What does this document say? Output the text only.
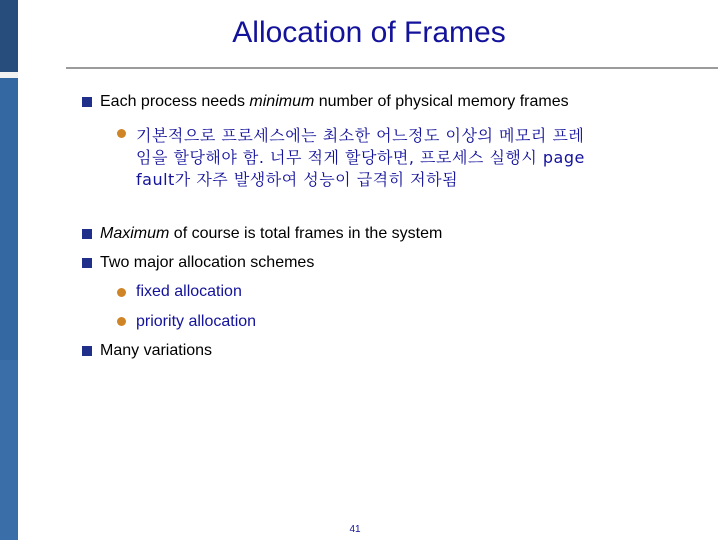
Allocation of Frames
Each process needs minimum number of physical memory frames
기본적으로 프로세스에는 최소한 어느정도 이상의 메모리 프레
임을 할당해야 함. 너무 적게 할당하면, 프로세스 실행시 page
fault가 자주 발생하여 성능이 급격히 저하됨
Maximum of course is total frames in the system
Two major allocation schemes
fixed allocation
priority allocation
Many variations
41
